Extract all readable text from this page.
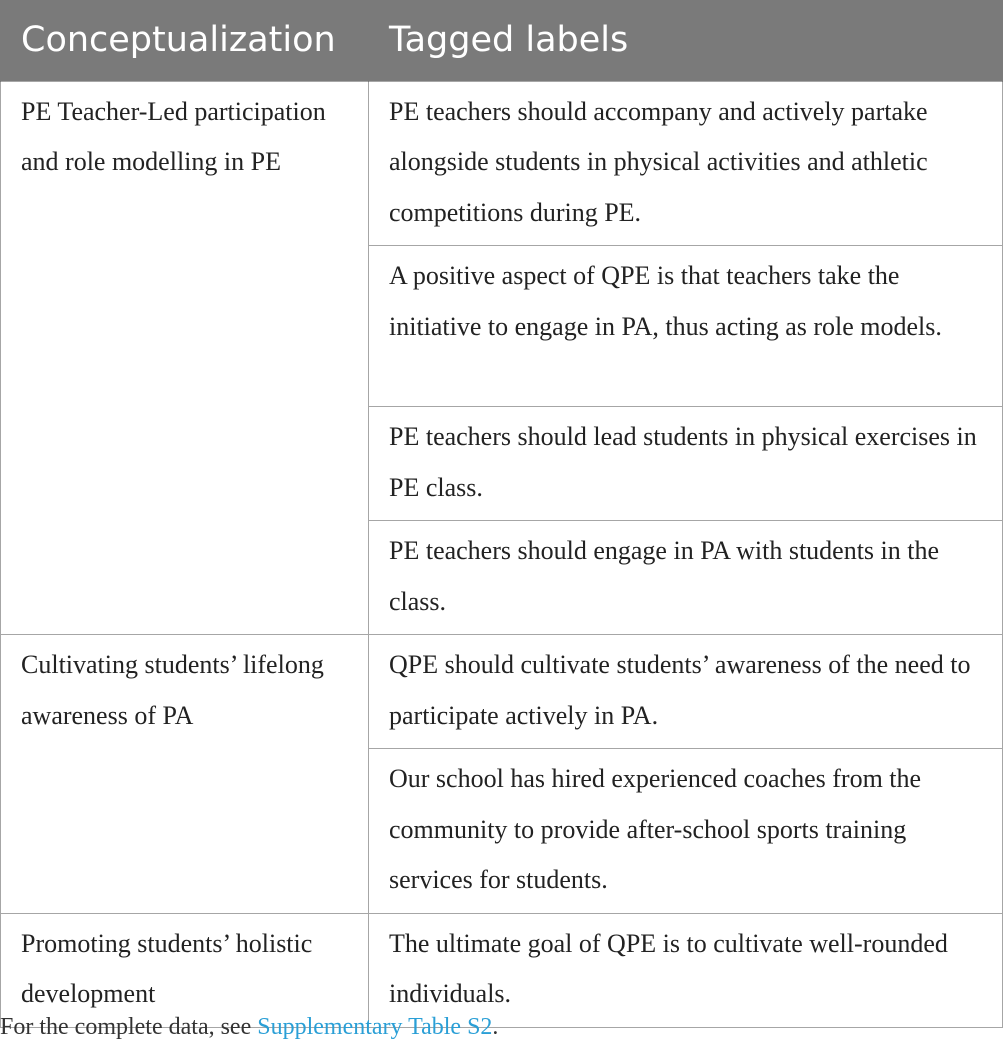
Conceptualization	Tagged labels
PE Teacher-Led participation and role modelling in PE	PE teachers should accompany and actively partake alongside students in physical activities and athletic competitions during PE.
	A positive aspect of QPE is that teachers take the initiative to engage in PA, thus acting as role models.
	PE teachers should lead students in physical exercises in PE class.
	PE teachers should engage in PA with students in the class.
Cultivating students’ lifelong awareness of PA	QPE should cultivate students’ awareness of the need to participate actively in PA.
	Our school has hired experienced coaches from the community to provide after-school sports training services for students.
Promoting students’ holistic development	The ultimate goal of QPE is to cultivate well-rounded individuals.
For the complete data, see Supplementary Table S2.
